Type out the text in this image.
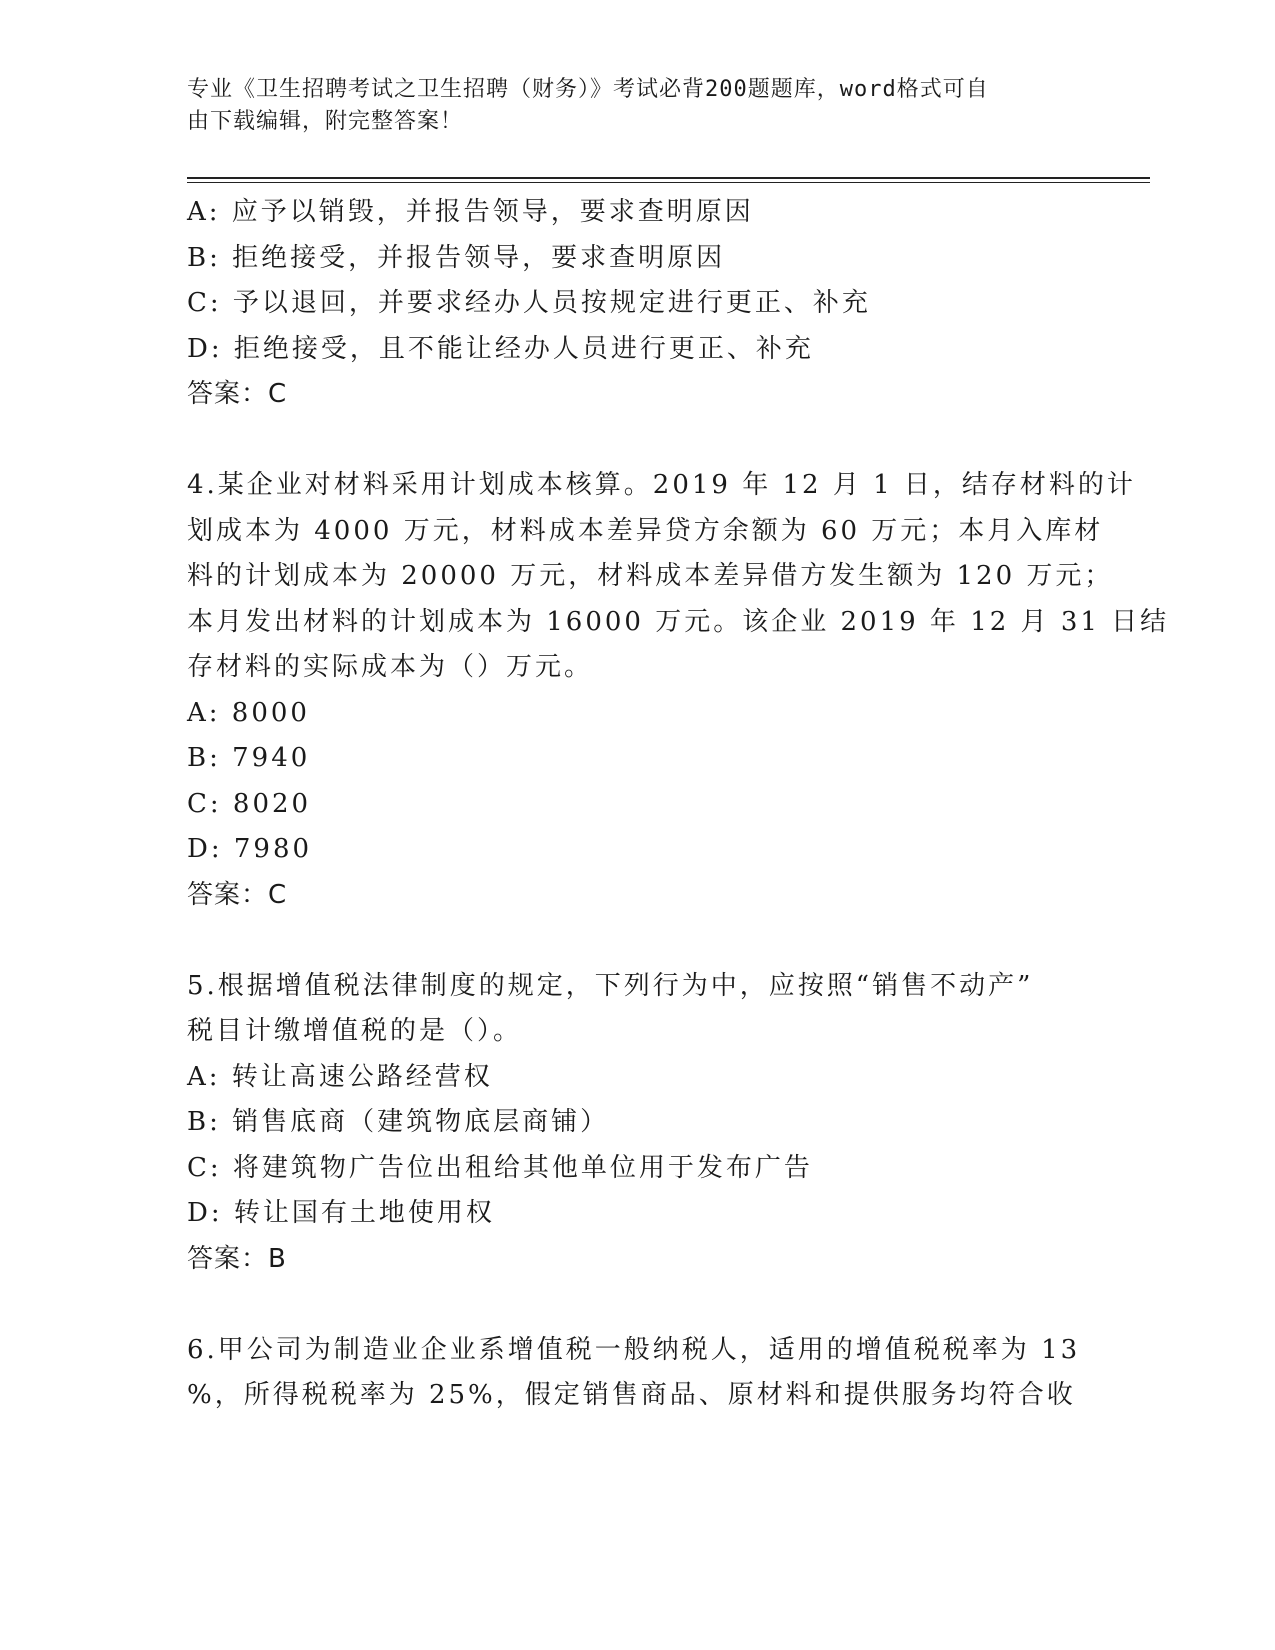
专业《卫生招聘考试之卫生招聘（财务）》考试必背200题题库，word格式可自
由下载编辑，附完整答案！
A: 应予以销毁，并报告领导，要求查明原因
B: 拒绝接受，并报告领导，要求查明原因
C: 予以退回，并要求经办人员按规定进行更正、补充
D: 拒绝接受，且不能让经办人员进行更正、补充
答案：C
4.某企业对材料采用计划成本核算。2019 年 12 月 1 日，结存材料的计
划成本为 4000 万元，材料成本差异贷方余额为 60 万元；本月入库材
料的计划成本为 20000 万元，材料成本差异借方发生额为 120 万元；
本月发出材料的计划成本为 16000 万元。该企业 2019 年 12 月 31 日结
存材料的实际成本为（）万元。
A: 8000
B: 7940
C: 8020
D: 7980
答案：C
5.根据增值税法律制度的规定，下列行为中，应按照“销售不动产”
税目计缴增值税的是（）。
A: 转让高速公路经营权
B: 销售底商（建筑物底层商铺）
C: 将建筑物广告位出租给其他单位用于发布广告
D: 转让国有土地使用权
答案：B
6.甲公司为制造业企业系增值税一般纳税人，适用的增值税税率为 13
%，所得税税率为 25%，假定销售商品、原材料和提供服务均符合收
